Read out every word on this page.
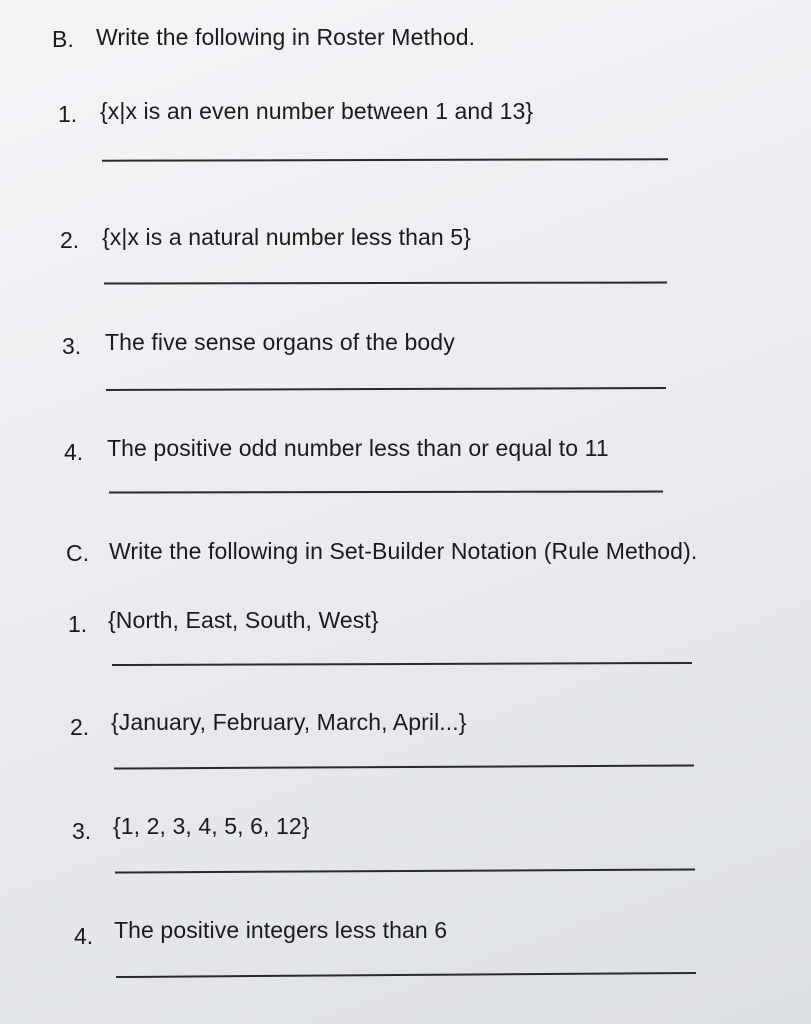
B. Write the following in Roster Method.
1. {x|x is an even number between 1 and 13}
2. {x|x is a natural number less than 5}
3. The five sense organs of the body
4. The positive odd number less than or equal to 11
C. Write the following in Set-Builder Notation (Rule Method).
1. {North, East, South, West}
2. {January, February, March, April...}
3. {1, 2, 3, 4, 5, 6, 12}
4. The positive integers less than 6
